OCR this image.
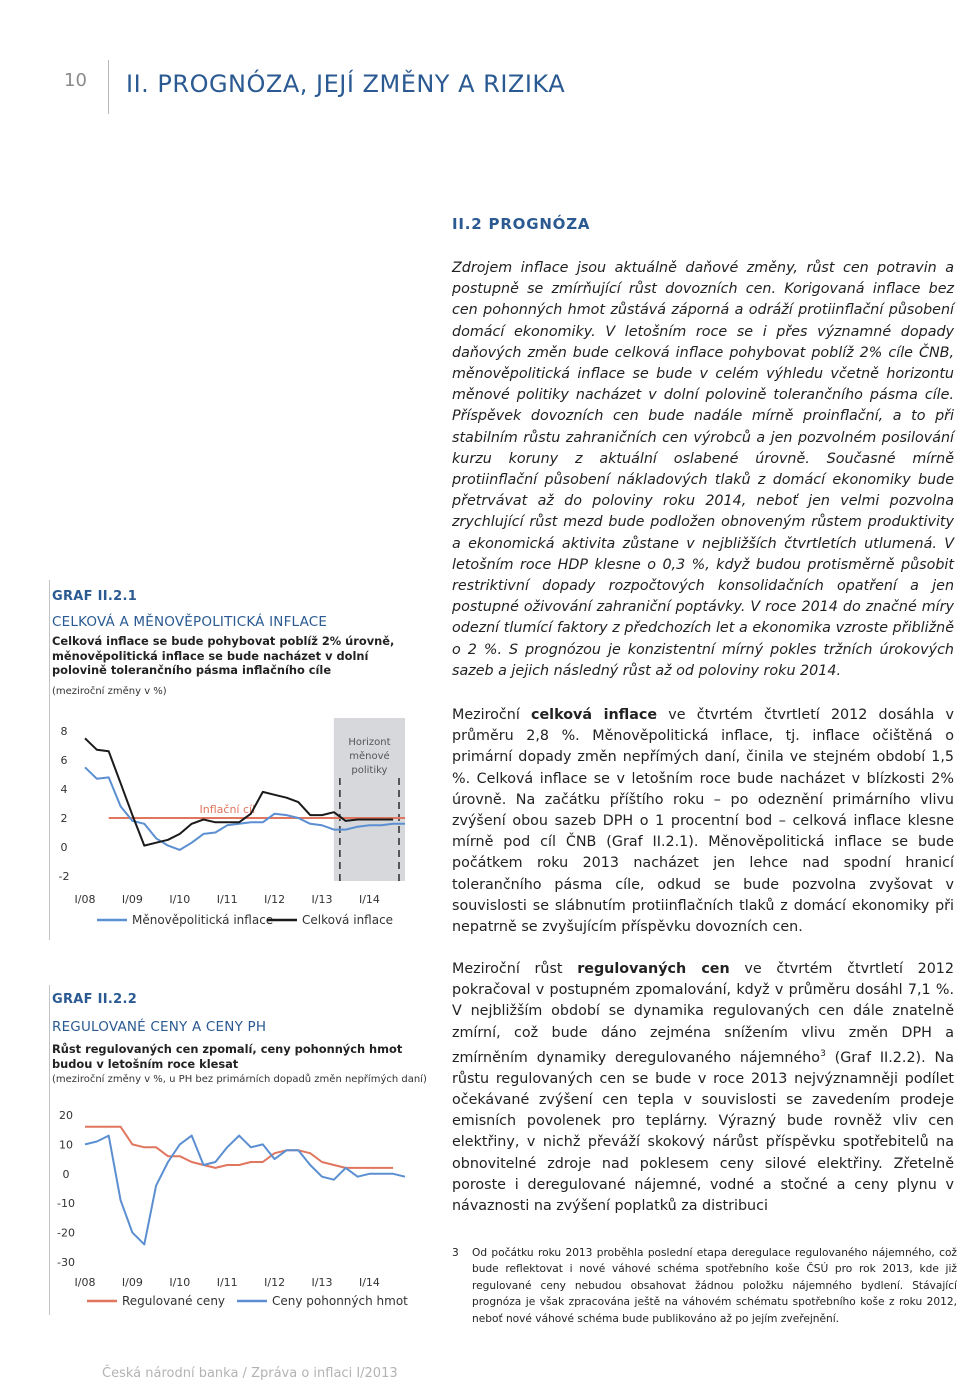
10 II. PROGNÓZA, JEJÍ ZMĚNY A RIZIKA
GRAF II.2.1
CELKOVÁ A MĚNOVĚPOLITICKÁ INFLACE
Celková inflace se bude pohybovat poblíž 2% úrovně, měnověpolitická inflace se bude nacházet v dolní polovině tolerančního pásma inflačního cíle
(meziroční změny v %)
Horizont
měnové
politiky
8
6
4
2
0
-2
Inflační cíl
I/08 I/09 I/10 I/11 I/12 I/13 I/14
Měnověpolitická inflace Celková inflace
GRAF II.2.2
REGULOVANÉ CENY A CENY PH
Růst regulovaných cen zpomalí, ceny pohonných hmot budou v letošním roce klesat
(meziroční změny v %, u PH bez primárních dopadů změn nepřímých daní)
20
10
0
-10
-20
-30
I/08 I/09 I/10 I/11 I/12 I/13 I/14
Regulované ceny	Ceny pohonných hmot
II.2 PROGNÓZA

Zdrojem inflace jsou aktuálně daňové změny, růst cen potravin a postupně se zmírňující růst dovozních cen. Korigovaná inflace bez cen pohonných hmot zůstává záporná a odráží protiinflační působení domácí ekonomiky. V letošním roce se i přes významné dopady daňových změn bude celková inflace pohybovat poblíž 2% cíle ČNB, měnověpolitická inflace se bude v celém výhledu včetně horizontu měnové politiky nacházet v dolní polovině tolerančního pásma cíle. Příspěvek dovozních cen bude nadále mírně proinflační, a to při stabilním růstu zahraničních cen výrobců a jen pozvolném posilování kurzu koruny z aktuální oslabené úrovně. Současné mírně protiinflační působení nákladových tlaků z domácí ekonomiky bude přetrvávat až do poloviny roku 2014, neboť jen velmi pozvolna zrychlující růst mezd bude podložen obnoveným růstem produktivity a ekonomická aktivita zůstane v nejbližších čtvrtletích utlumená. V letošním roce HDP klesne o 0,3 %, když budou protisměrně působit restriktivní dopady rozpočtových konsolidačních opatření a jen postupné oživování zahraniční poptávky. V roce 2014 do značné míry odezní tlumící faktory z předchozích let a ekonomika vzroste přibližně o 2 %. S prognózou je konzistentní mírný pokles tržních úrokových sazeb a jejich následný růst až od poloviny roku 2014.

Meziroční celková inflace ve čtvrtém čtvrtletí 2012 dosáhla v průměru 2,8 %. Měnověpolitická inflace, tj. inflace očištěná o primární dopady změn nepřímých daní, činila ve stejném období 1,5 %. Celková inflace se v letošním roce bude nacházet v blízkosti 2% úrovně. Na začátku příštího roku – po odeznění primárního vlivu zvýšení obou sazeb DPH o 1 procentní bod – celková inflace klesne mírně pod cíl ČNB (Graf II.2.1). Měnověpolitická inflace se bude počátkem roku 2013 nacházet jen lehce nad spodní hranicí tolerančního pásma cíle, odkud se bude pozvolna zvyšovat v souvislosti se slábnutím protiinflačních tlaků z domácí ekonomiky při nepatrně se zvyšujícím příspěvku dovozních cen.

Meziroční růst regulovaných cen ve čtvrtém čtvrtletí 2012 pokračoval v postupném zpomalování, když v průměru dosáhl 7,1 %. V nejbližším období se dynamika regulovaných cen dále znatelně zmírní, což bude dáno zejména snížením vlivu změn DPH a zmírněním dynamiky deregulovaného nájemného$^3$ (Graf II.2.2). Na růstu regulovaných cen se bude v roce 2013 nejvýznamněji podílet očekávané zvýšení cen tepla v souvislosti se zavedením prodeje emisních povolenek pro teplárny. Výrazný bude rovněž vliv cen elektřiny, v nichž převáží skokový nárůst příspěvku spotřebitelů na obnovitelné zdroje nad poklesem ceny silové elektřiny. Zřetelně poroste i deregulované nájemné, vodné a stočné a ceny plynu v návaznosti na zvýšení poplatků za distribuci

3 Od počátku roku 2013 proběhla poslední etapa deregulace regulovaného nájemného, což bude reflektovat i nové váhové schéma spotřebního koše ČSÚ pro rok 2013, kde již regulované ceny nebudou obsahovat žádnou položku nájemného bydlení. Stávající prognóza je však zpracována ještě na váhovém schématu spotřebního koše z roku 2012, neboť nové váhové schéma bude publikováno až po jejím zveřejnění.
Česká národní banka / Zpráva o inflaci I/2013
